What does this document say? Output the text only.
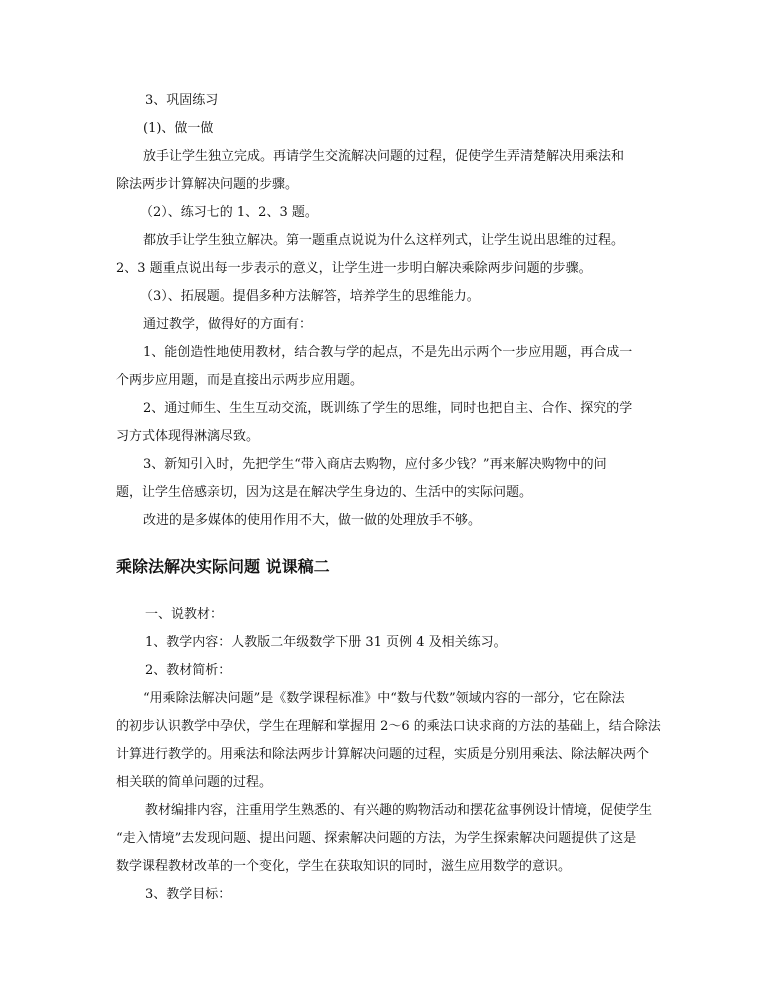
3、巩固练习
(1)、做一做
放手让学生独立完成。再请学生交流解决问题的过程，促使学生弄清楚解决用乘法和
除法两步计算解决问题的步骤。
（2）、练习七的 1、2、3 题。
都放手让学生独立解决。第一题重点说说为什么这样列式，让学生说出思维的过程。
2、3 题重点说出每一步表示的意义，让学生进一步明白解决乘除两步问题的步骤。
（3）、拓展题。提倡多种方法解答，培养学生的思维能力。
通过教学，做得好的方面有：
1、能创造性地使用教材，结合教与学的起点，不是先出示两个一步应用题，再合成一
个两步应用题，而是直接出示两步应用题。
2、通过师生、生生互动交流，既训练了学生的思维，同时也把自主、合作、探究的学
习方式体现得淋漓尽致。
3、新知引入时，先把学生“带入商店去购物，应付多少钱？”再来解决购物中的问
题，让学生倍感亲切，因为这是在解决学生身边的、生活中的实际问题。
改进的是多媒体的使用作用不大，做一做的处理放手不够。
乘除法解决实际问题 说课稿二
一、说教材：
1、教学内容：人教版二年级数学下册 31 页例 4 及相关练习。
2、教材简析：
“用乘除法解决问题”是《数学课程标准》中“数与代数”领域内容的一部分，它在除法
的初步认识教学中孕伏，学生在理解和掌握用 2～6 的乘法口诀求商的方法的基础上，结合除法
计算进行教学的。用乘法和除法两步计算解决问题的过程，实质是分别用乘法、除法解决两个
相关联的简单问题的过程。
教材编排内容，注重用学生熟悉的、有兴趣的购物活动和摆花盆事例设计情境，促使学生
“走入情境”去发现问题、提出问题、探索解决问题的方法，为学生探索解决问题提供了这是
数学课程教材改革的一个变化，学生在获取知识的同时，滋生应用数学的意识。
3、教学目标：
